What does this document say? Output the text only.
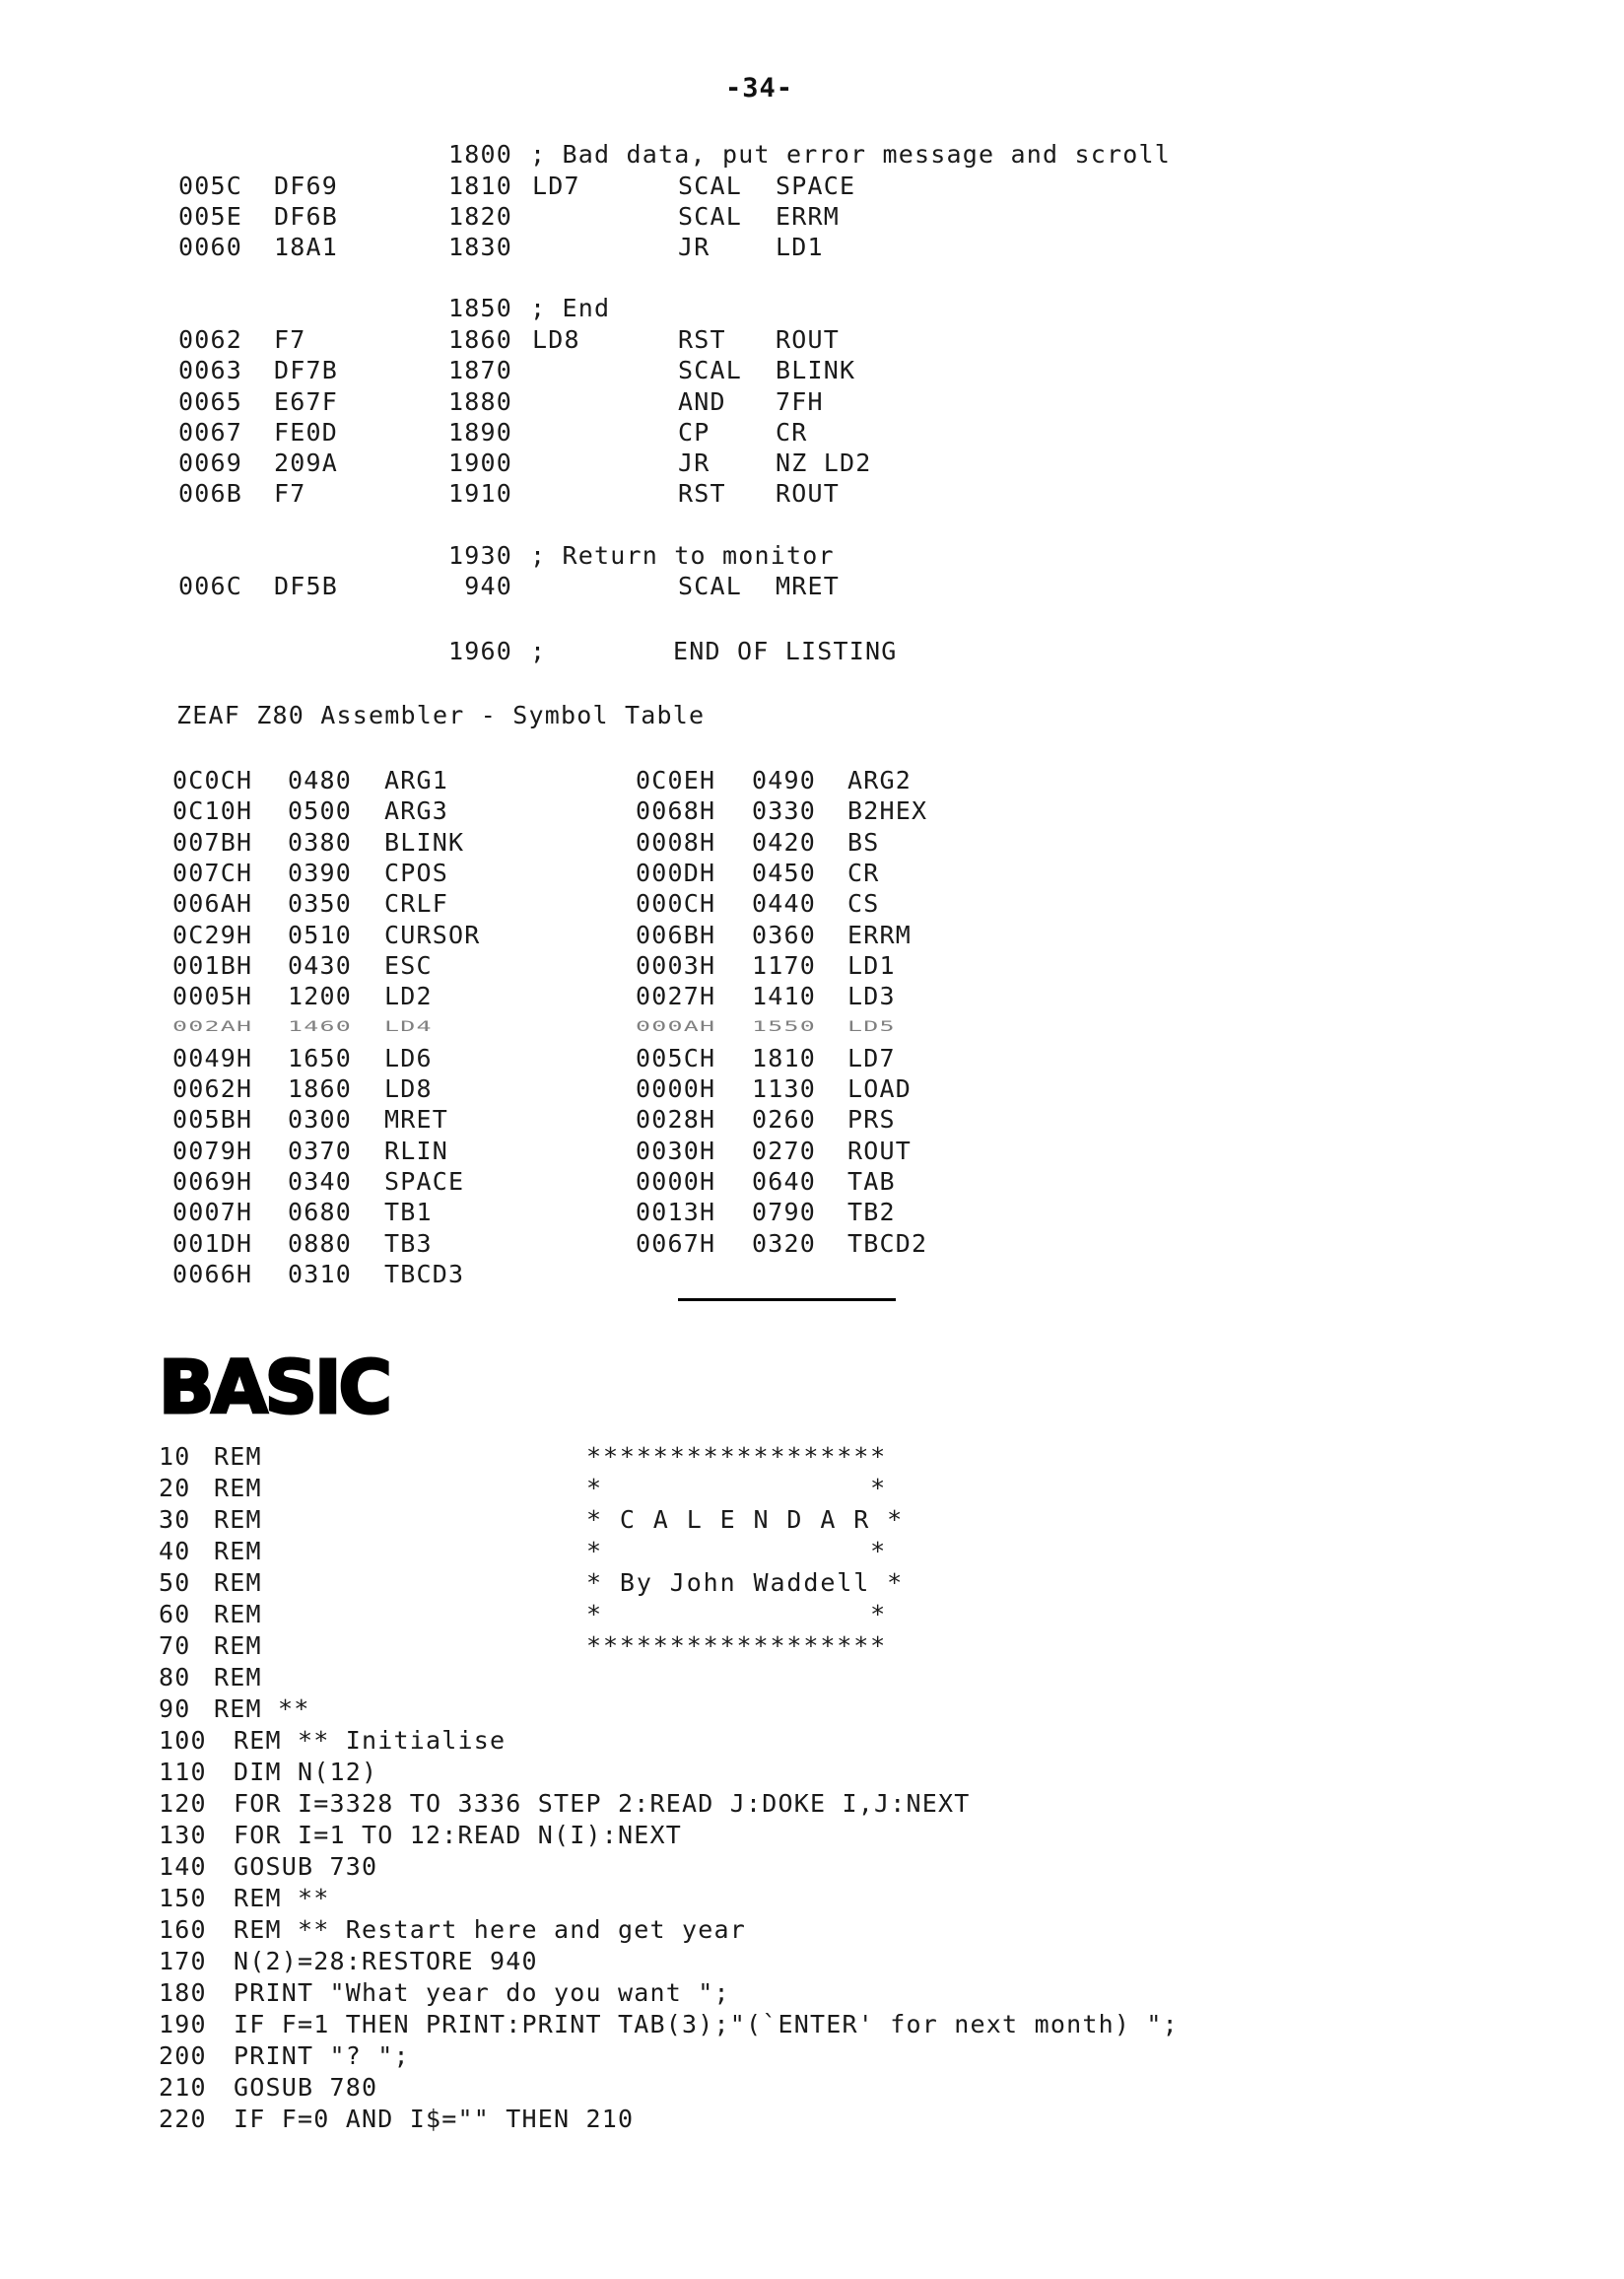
-34-
1800 ; Bad data, put error message and scroll
005C DF69	1810 LD7	SCAL SPACE
005E DF6B	1820	SCAL ERRM
0060 18A1	1830	JR	LD1
1850 ; End
0062 F7	1860 LD8	RST ROUT
0063 DF7B	1870	SCAL BLINK
0065 E67F	1880	AND 7FH
0067 FE0D	1890	CP	CR
0069 209A	1900	JR	NZ LD2
006B F7	1910	RST ROUT
1930 ; Return to monitor
006C DF5B	940	SCAL MRET
1960 ;	END OF LISTING
ZEAF Z80 Assembler - Symbol Table
0C0CH 0480 ARG1	0C0EH 0490 ARG2
0C10H 0500 ARG3	0068H 0330 B2HEX
007BH 0380 BLINK	0008H 0420 BS
007CH 0390 CPOS	000DH 0450 CR
006AH 0350 CRLF	000CH 0440 CS
0C29H 0510 CURSOR	006BH 0360 ERRM
001BH 0430 ESC	0003H 1170 LD1
0005H 1200 LD2	0027H 1410 LD3
002AH 1460 LD4	000AH 1550 LD5
0049H 1650 LD6	005CH 1810 LD7
0062H 1860 LD8	0000H 1130 LOAD
005BH 0300 MRET	0028H 0260 PRS
0079H 0370 RLIN	0030H 0270 ROUT
0069H 0340 SPACE	0000H 0640 TAB
0007H 0680 TB1	0013H 0790 TB2
001DH 0880 TB3	0067H 0320 TBCD2
0066H 0310 TBCD3
BASIC
10 REM	******************
20 REM	*                *
30 REM	* C A L E N D A R *
40 REM	*                *
50 REM	* By John Waddell *
60 REM	*                *
70 REM	******************
80 REM
90 REM **
100 REM ** Initialise
110 DIM N(12)
120 FOR I=3328 TO 3336 STEP 2:READ J:DOKE I,J:NEXT
130 FOR I=1 TO 12:READ N(I):NEXT
140 GOSUB 730
150 REM **
160 REM ** Restart here and get year
170 N(2)=28:RESTORE 940
180 PRINT "What year do you want ";
190 IF F=1 THEN PRINT:PRINT TAB(3);"(`ENTER' for next month) ";
200 PRINT "? ";
210 GOSUB 780
220 IF F=0 AND I$="" THEN 210
